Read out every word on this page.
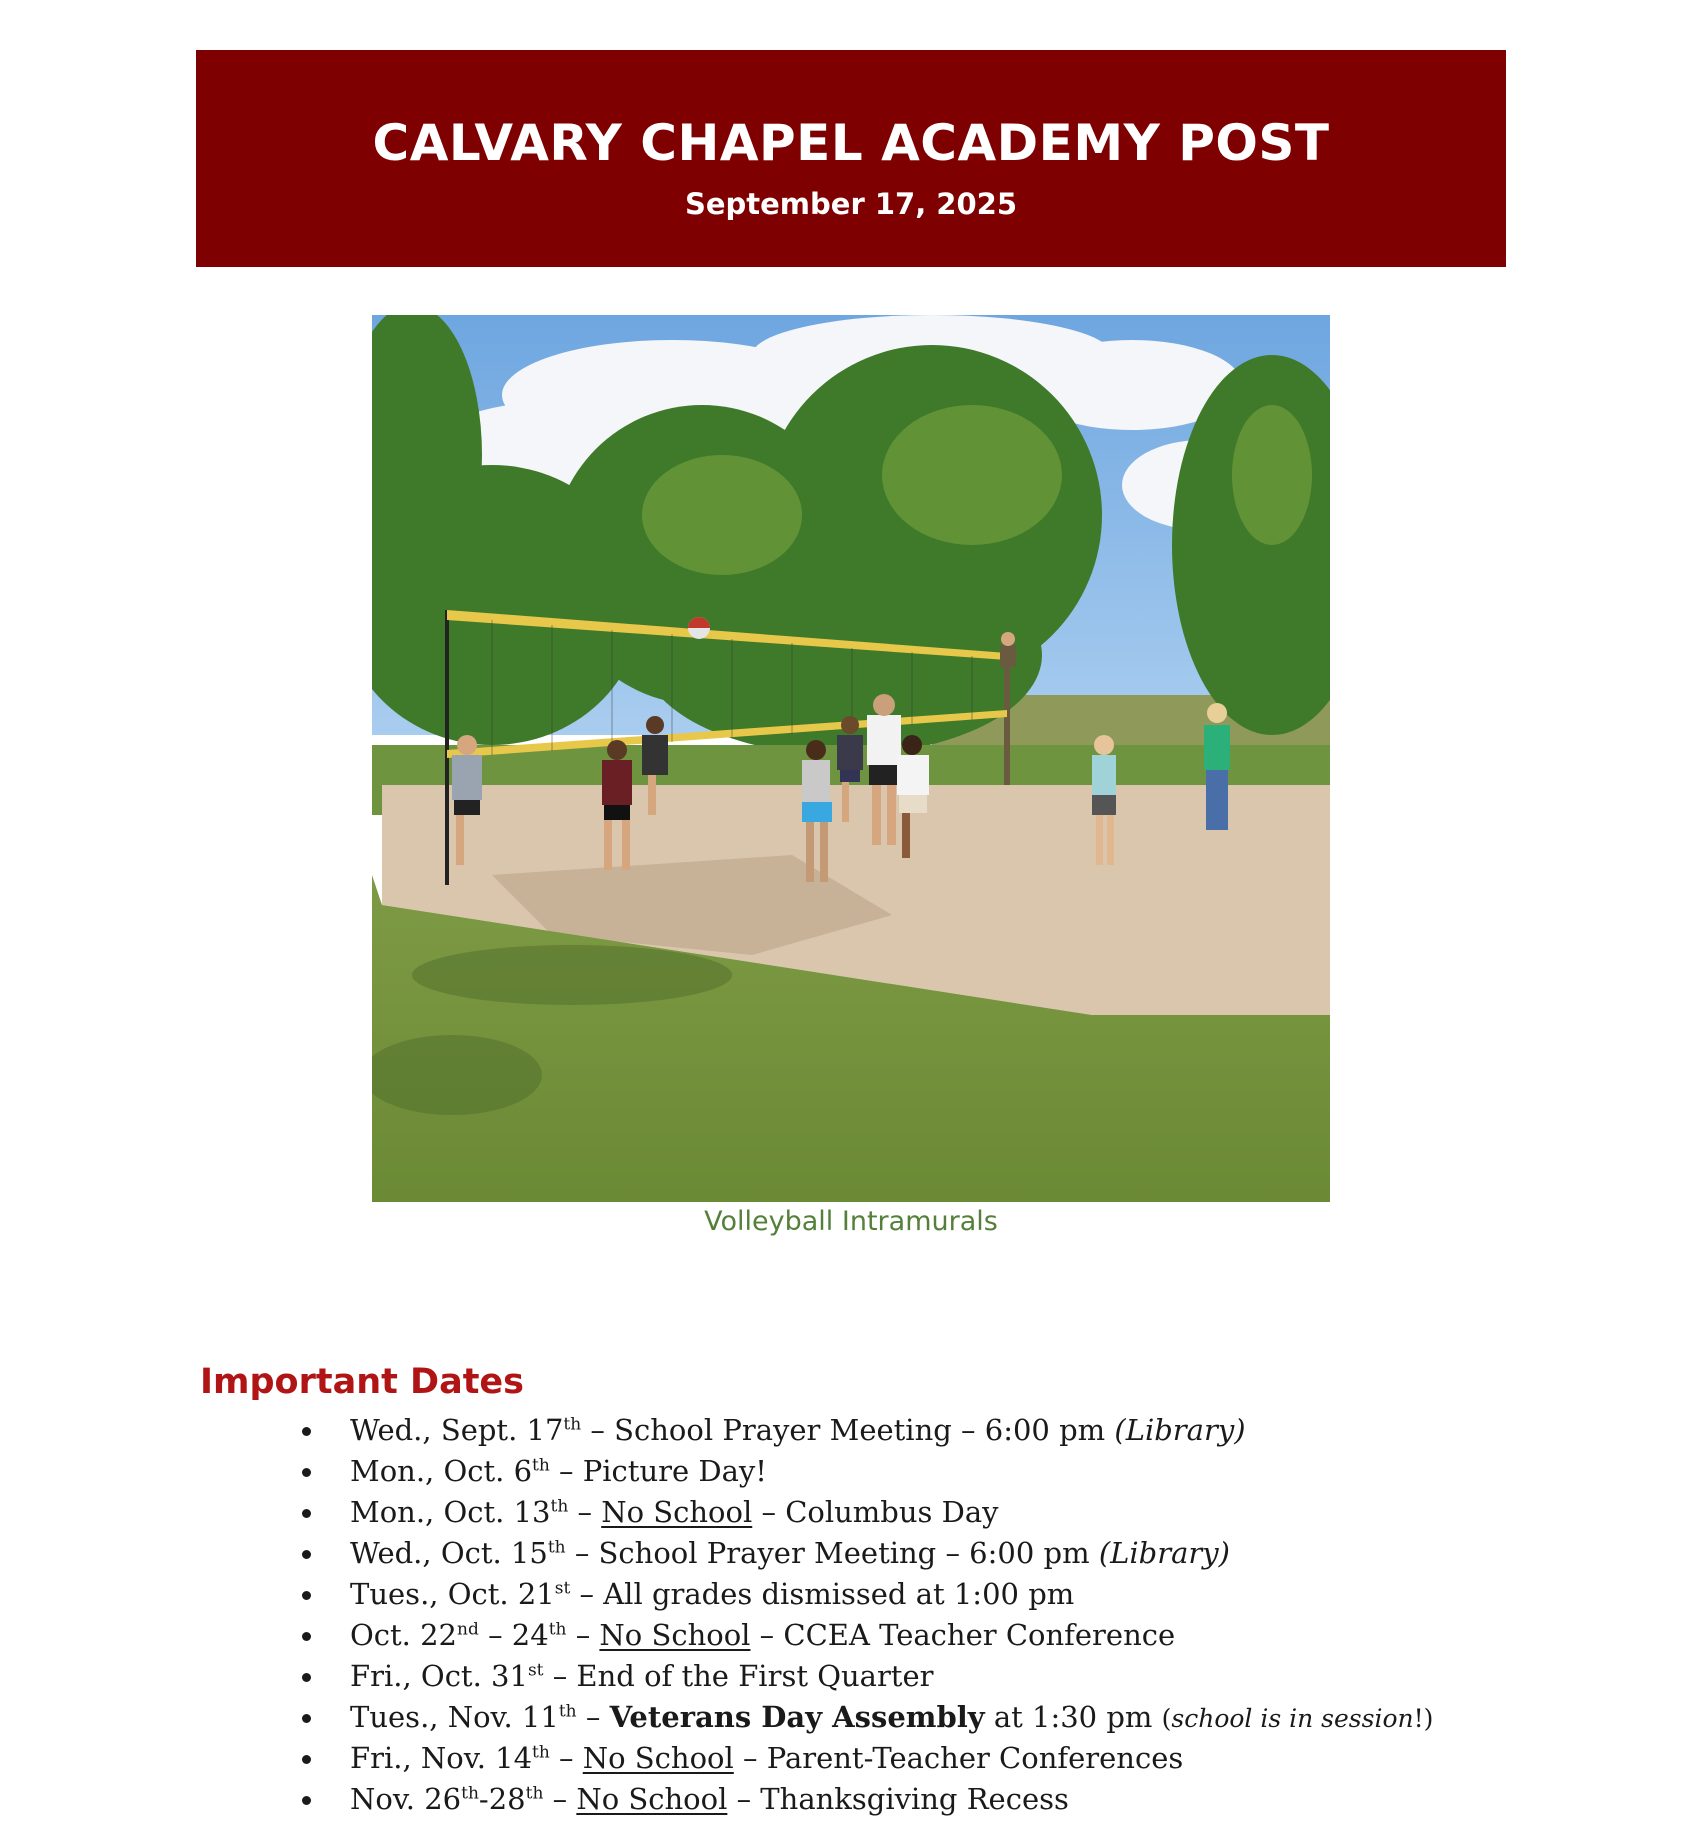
CALVARY CHAPEL ACADEMY POST
September 17, 2025
Volleyball Intramurals
Important Dates
Wed., Sept. 17th – School Prayer Meeting – 6:00 pm (Library)
Mon., Oct. 6th – Picture Day!
Mon., Oct. 13th – No School – Columbus Day
Wed., Oct. 15th – School Prayer Meeting – 6:00 pm (Library)
Tues., Oct. 21st – All grades dismissed at 1:00 pm
Oct. 22nd – 24th – No School – CCEA Teacher Conference
Fri., Oct. 31st – End of the First Quarter
Tues., Nov. 11th – Veterans Day Assembly at 1:30 pm (school is in session!)
Fri., Nov. 14th – No School – Parent-Teacher Conferences
Nov. 26th-28th – No School – Thanksgiving Recess
